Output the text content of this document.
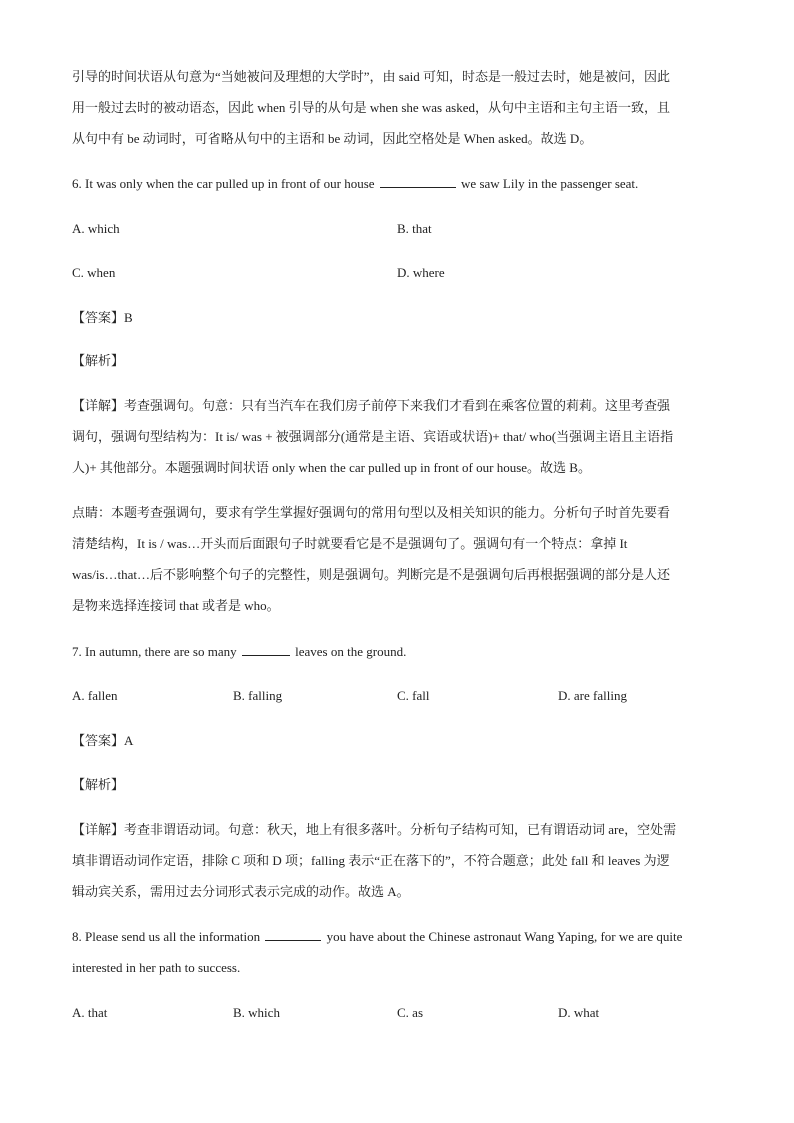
引导的时间状语从句意为“当她被问及理想的大学时”，由 said 可知，时态是一般过去时，她是被问，因此
用一般过去时的被动语态，因此 when 引导的从句是 when she was asked，从句中主语和主句主语一致，且
从句中有 be 动词时，可省略从句中的主语和 be 动词，因此空格处是 When asked。故选 D。
6. It was only when the car pulled up in front of our house	we saw Lily in the passenger seat.
A. which	B. that
C. when	D. where
【答案】B
【解析】
【详解】考查强调句。句意：只有当汽车在我们房子前停下来我们才看到在乘客位置的莉莉。这里考查强
调句，强调句型结构为：It is/ was + 被强调部分(通常是主语、宾语或状语)+ that/ who(当强调主语且主语指
人)+ 其他部分。本题强调时间状语 only when the car pulled up in front of our house。故选 B。
点睛：本题考查强调句，要求有学生掌握好强调句的常用句型以及相关知识的能力。分析句子时首先要看
清楚结构，It is / was…开头而后面跟句子时就要看它是不是强调句了。强调句有一个特点：拿掉 It
was/is…that…后不影响整个句子的完整性，则是强调句。判断完是不是强调句后再根据强调的部分是人还
是物来选择连接词 that 或者是 who。
7. In autumn, there are so many	leaves on the ground.
A. fallen	B. falling	C. fall	D. are falling
【答案】A
【解析】
【详解】考查非谓语动词。句意：秋天，地上有很多落叶。分析句子结构可知，已有谓语动词 are，空处需
填非谓语动词作定语，排除 C 项和 D 项；falling 表示“正在落下的”，不符合题意；此处 fall 和 leaves 为逻
辑动宾关系，需用过去分词形式表示完成的动作。故选 A。
8. Please send us all the information	you have about the Chinese astronaut Wang Yaping, for we are quite
interested in her path to success.
A. that	B. which	C. as	D. what
